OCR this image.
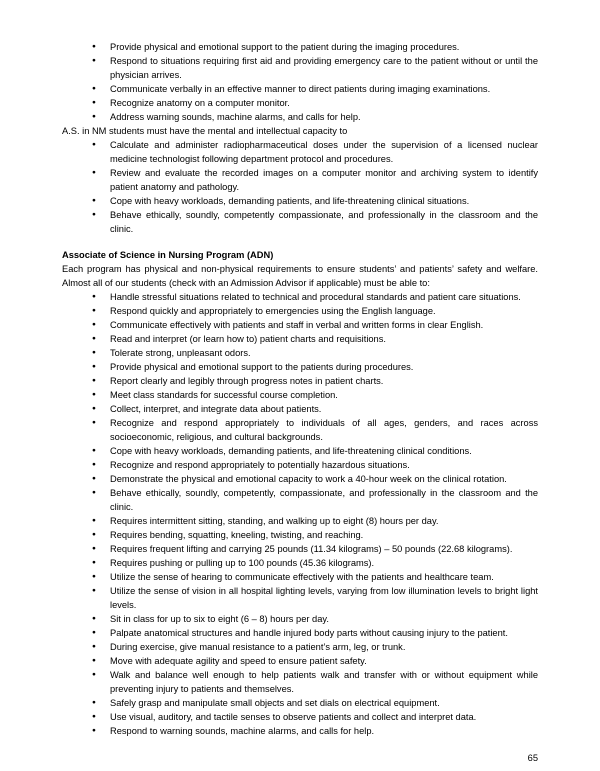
● Provide physical and emotional support to the patient during the imaging procedures.
● Respond to situations requiring first aid and providing emergency care to the patient without or until the physician arrives.
● Communicate verbally in an effective manner to direct patients during imaging examinations.
● Recognize anatomy on a computer monitor.
● Address warning sounds, machine alarms, and calls for help.

A.S. in NM students must have the mental and intellectual capacity to

● Calculate and administer radiopharmaceutical doses under the supervision of a licensed nuclear medicine technologist following department protocol and procedures.
● Review and evaluate the recorded images on a computer monitor and archiving system to identify patient anatomy and pathology.
● Cope with heavy workloads, demanding patients, and life-threatening clinical situations.
● Behave ethically, soundly, competently compassionate, and professionally in the classroom and the clinic.
Associate of Science in Nursing Program (ADN)

Each program has physical and non-physical requirements to ensure students’ and patients’ safety and welfare. Almost all of our students (check with an Admission Advisor if applicable) must be able to:

● Handle stressful situations related to technical and procedural standards and patient care situations.
● Respond quickly and appropriately to emergencies using the English language.
● Communicate effectively with patients and staff in verbal and written forms in clear English.
● Read and interpret (or learn how to) patient charts and requisitions.
● Tolerate strong, unpleasant odors.
● Provide physical and emotional support to the patients during procedures.
● Report clearly and legibly through progress notes in patient charts.
● Meet class standards for successful course completion.
● Collect, interpret, and integrate data about patients.
● Recognize and respond appropriately to individuals of all ages, genders, and races across socioeconomic, religious, and cultural backgrounds.
● Cope with heavy workloads, demanding patients, and life-threatening clinical conditions.
● Recognize and respond appropriately to potentially hazardous situations.
● Demonstrate the physical and emotional capacity to work a 40-hour week on the clinical rotation.
● Behave ethically, soundly, competently, compassionate, and professionally in the classroom and the clinic.
● Requires intermittent sitting, standing, and walking up to eight (8) hours per day.
● Requires bending, squatting, kneeling, twisting, and reaching.
● Requires frequent lifting and carrying 25 pounds (11.34 kilograms) – 50 pounds (22.68 kilograms).
● Requires pushing or pulling up to 100 pounds (45.36 kilograms).
● Utilize the sense of hearing to communicate effectively with the patients and healthcare team.
● Utilize the sense of vision in all hospital lighting levels, varying from low illumination levels to bright light levels.
● Sit in class for up to six to eight (6 – 8) hours per day.
● Palpate anatomical structures and handle injured body parts without causing injury to the patient.
● During exercise, give manual resistance to a patient’s arm, leg, or trunk.
● Move with adequate agility and speed to ensure patient safety.
● Walk and balance well enough to help patients walk and transfer with or without equipment while preventing injury to patients and themselves.
● Safely grasp and manipulate small objects and set dials on electrical equipment.
● Use visual, auditory, and tactile senses to observe patients and collect and interpret data.
● Respond to warning sounds, machine alarms, and calls for help.
65
